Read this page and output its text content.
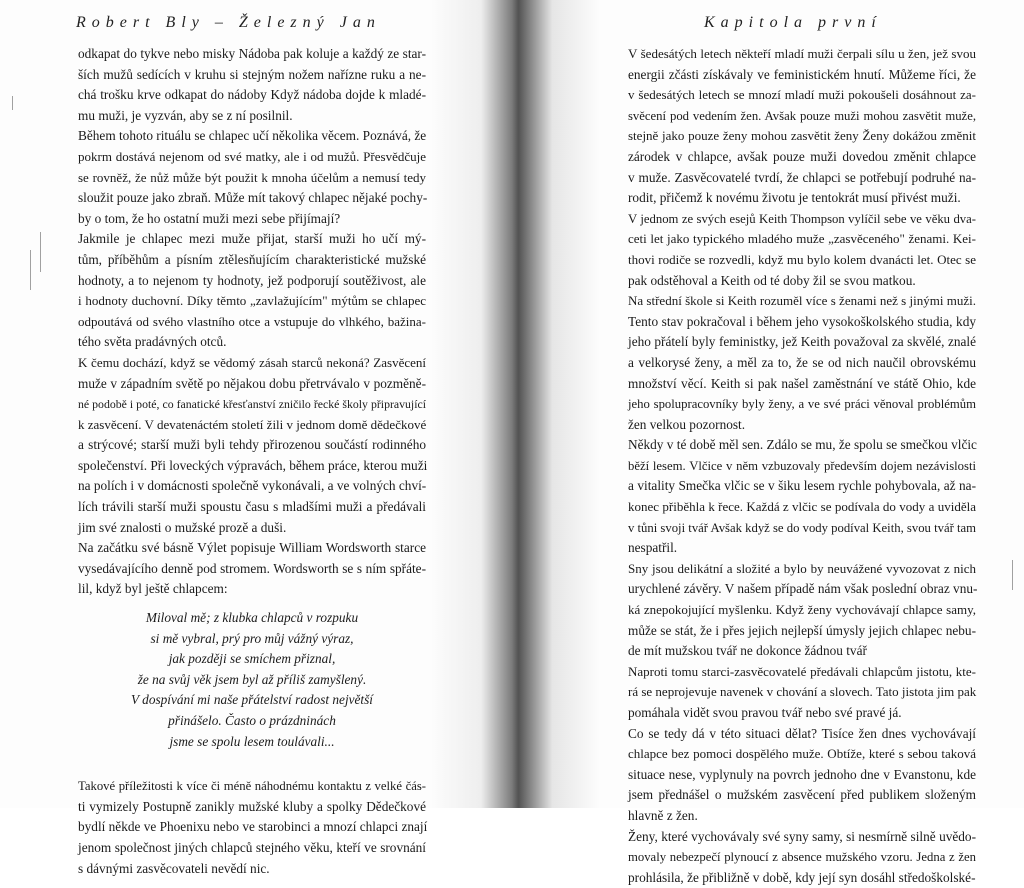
Robert Bly – Železný Jan
odkapat do tykve nebo misky Nádoba pak koluje a každý ze star-
ších mužů sedících v kruhu si stejným nožem nařízne ruku a ne-
chá trošku krve odkapat do nádoby Když nádoba dojde k mladé-
mu muži, je vyzván, aby se z ní posilnil.
Během tohoto rituálu se chlapec učí několika věcem. Poznává, že
pokrm dostává nejenom od své matky, ale i od mužů. Přesvědčuje
se rovněž, že nůž může být použit k mnoha účelům a nemusí tedy
sloužit pouze jako zbraň. Může mít takový chlapec nějaké pochy-
by o tom, že ho ostatní muži mezi sebe přijímají?
Jakmile je chlapec mezi muže přijat, starší muži ho učí mý-
tům, příběhům a písním ztělesňujícím charakteristické mužské
hodnoty, a to nejenom ty hodnoty, jež podporují soutěživost, ale
i hodnoty duchovní. Díky těmto „zavlažujícím" mýtům se chlapec
odpoutává od svého vlastního otce a vstupuje do vlhkého, bažina-
tého světa pradávných otců.
K čemu dochází, když se vědomý zásah starců nekoná? Zasvěcení
muže v západním světě po nějakou dobu přetrvávalo v pozměně-
né podobě i poté, co fanatické křesťanství zničilo řecké školy připravující
k zasvěcení. V devatenáctém století žili v jednom domě dědečkové
a strýcové; starší muži byli tehdy přirozenou součástí rodinného
společenství. Při loveckých výpravách, během práce, kterou muži
na polích i v domácnosti společně vykonávali, a ve volných chví-
lích trávili starší muži spoustu času s mladšími muži a předávali
jim své znalosti o mužské prozě a duši.
Na začátku své básně Výlet popisuje William Wordsworth starce
vysedávajícího denně pod stromem. Wordsworth se s ním spřáte-
lil, když byl ještě chlapcem:
Miloval mě; z klubka chlapců v rozpuku
si mě vybral, prý pro můj vážný výraz,
jak později se smíchem přiznal,
že na svůj věk jsem byl až příliš zamyšlený.
V dospívání mi naše přátelství radost největší
přinášelo. Často o prázdninách
jsme se spolu lesem toulávali...
Takové příležitosti k více či méně náhodnému kontaktu z velké čás-
ti vymizely Postupně zanikly mužské kluby a spolky Dědečkové
bydlí někde ve Phoenixu nebo ve starobinci a mnozí chlapci znají
jenom společnost jiných chlapců stejného věku, kteří ve srovnání
s dávnými zasvěcovateli nevědí nic.
Kapitola první
V šedesátých letech někteří mladí muži čerpali sílu u žen, jež svou
energii zčásti získávaly ve feministickém hnutí. Můžeme říci, že
v šedesátých letech se mnozí mladí muži pokoušeli dosáhnout za-
svěcení pod vedením žen. Avšak pouze muži mohou zasvětit muže,
stejně jako pouze ženy mohou zasvětit ženy Ženy dokážou změnit
zárodek v chlapce, avšak pouze muži dovedou změnit chlapce
v muže. Zasvěcovatelé tvrdí, že chlapci se potřebují podruhé na-
rodit, přičemž k novému životu je tentokrát musí přivést muži.
V jednom ze svých esejů Keith Thompson vylíčil sebe ve věku dva-
ceti let jako typického mladého muže „zasvěceného" ženami. Kei-
thovi rodiče se rozvedli, když mu bylo kolem dvanácti let. Otec se
pak odstěhoval a Keith od té doby žil se svou matkou.
Na střední škole si Keith rozuměl více s ženami než s jinými muži.
Tento stav pokračoval i během jeho vysokoškolského studia, kdy
jeho přátelí byly feministky, jež Keith považoval za skvělé, znalé
a velkorysé ženy, a měl za to, že se od nich naučil obrovskému
množství věcí. Keith si pak našel zaměstnání ve státě Ohio, kde
jeho spolupracovníky byly ženy, a ve své práci věnoval problémům
žen velkou pozornost.
Někdy v té době měl sen. Zdálo se mu, že spolu se smečkou vlčic
běží lesem. Vlčice v něm vzbuzovaly především dojem nezávislosti
a vitality Smečka vlčic se v šiku lesem rychle pohybovala, až na-
konec přiběhla k řece. Každá z vlčic se podívala do vody a uviděla
v tůni svoji tvář Avšak když se do vody podíval Keith, svou tvář tam
nespatřil.
Sny jsou delikátní a složité a bylo by neuvážené vyvozovat z nich
urychlené závěry. V našem případě nám však poslední obraz vnu-
ká znepokojující myšlenku. Když ženy vychovávají chlapce samy,
může se stát, že i přes jejich nejlepší úmysly jejich chlapec nebu-
de mít mužskou tvář ne dokonce žádnou tvář
Naproti tomu starci-zasvěcovatelé předávali chlapcům jistotu, kte-
rá se neprojevuje navenek v chování a slovech. Tato jistota jim pak
pomáhala vidět svou pravou tvář nebo své pravé já.
Co se tedy dá v této situaci dělat? Tisíce žen dnes vychovávají
chlapce bez pomoci dospělého muže. Obtíže, které s sebou taková
situace nese, vyplynuly na povrch jednoho dne v Evanstonu, kde
jsem přednášel o mužském zasvěcení před publikem složeným
hlavně z žen.
Ženy, které vychovávaly své syny samy, si nesmírně silně uvědo-
movaly nebezpečí plynoucí z absence mužského vzoru. Jedna z žen
prohlásila, že přibližně v době, kdy její syn dosáhl středoškolské-
